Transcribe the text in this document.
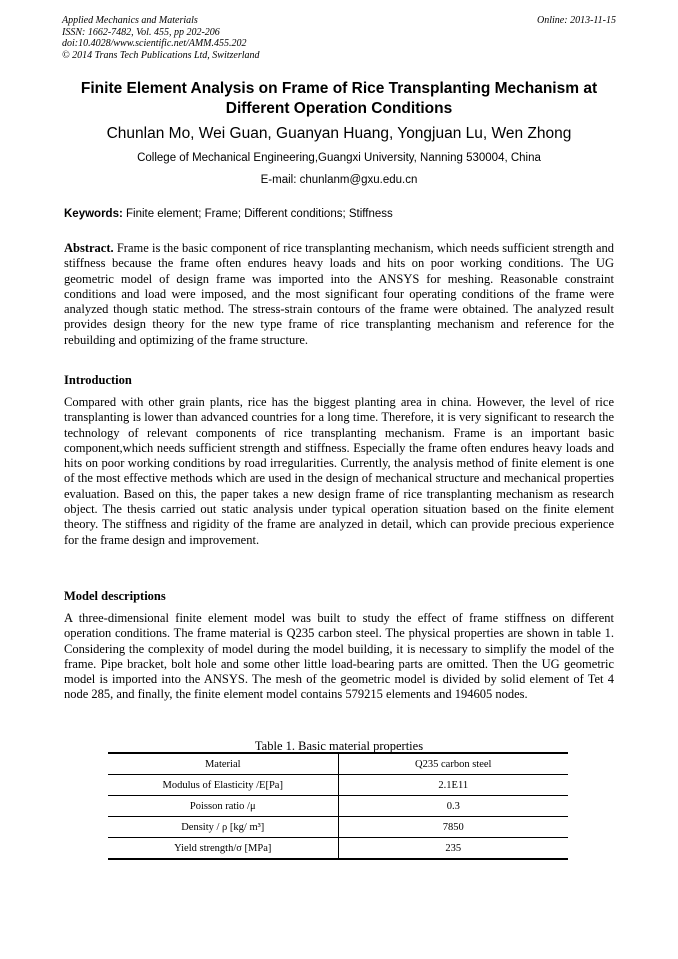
Applied Mechanics and Materials
ISSN: 1662-7482, Vol. 455, pp 202-206
doi:10.4028/www.scientific.net/AMM.455.202
© 2014 Trans Tech Publications Ltd, Switzerland
Online: 2013-11-15
Finite Element Analysis on Frame of Rice Transplanting Mechanism at
Different Operation Conditions
Chunlan Mo, Wei Guan, Guanyan Huang, Yongjuan Lu, Wen Zhong
College of Mechanical Engineering,Guangxi University, Nanning 530004, China
E-mail: chunlanm@gxu.edu.cn
Keywords: Finite element; Frame; Different conditions; Stiffness
Abstract. Frame is the basic component of rice transplanting mechanism, which needs sufficient strength and stiffness because the frame often endures heavy loads and hits on poor working conditions. The UG geometric model of design frame was imported into the ANSYS for meshing. Reasonable constraint conditions and load were imposed, and the most significant four operating conditions of the frame were analyzed though static method. The stress-strain contours of the frame were obtained. The analyzed result provides design theory for the new type frame of rice transplanting mechanism and reference for the rebuilding and optimizing of the frame structure.
Introduction
Compared with other grain plants, rice has the biggest planting area in china. However, the level of rice transplanting is lower than advanced countries for a long time. Therefore, it is very significant to research the technology of relevant components of rice transplanting mechanism. Frame is an important basic component,which needs sufficient strength and stiffness. Especially the frame often endures heavy loads and hits on poor working conditions by road irregularities. Currently, the analysis method of finite element is one of the most effective methods which are used in the design of mechanical structure and mechanical properties evaluation. Based on this, the paper takes a new design frame of rice transplanting mechanism as research object. The thesis carried out static analysis under typical operation situation based on the finite element theory. The stiffness and rigidity of the frame are analyzed in detail, which can provide precious experience for the frame design and improvement.
Model descriptions
A three-dimensional finite element model was built to study the effect of frame stiffness on different operation conditions. The frame material is Q235 carbon steel. The physical properties are shown in table 1. Considering the complexity of model during the model building, it is necessary to simplify the model of the frame. Pipe bracket, bolt hole and some other little load-bearing parts are omitted. Then the UG geometric model is imported into the ANSYS. The mesh of the geometric model is divided by solid element of Tet 4 node 285, and finally, the finite element model contains 579215 elements and 194605 nodes.
Table 1. Basic material properties
Material	Q235 carbon steel
Modulus of Elasticity /E[Pa]	2.1E11
Poisson ratio /μ	0.3
Density / ρ [kg/ m³]	7850
Yield strength/σ [MPa]	235
